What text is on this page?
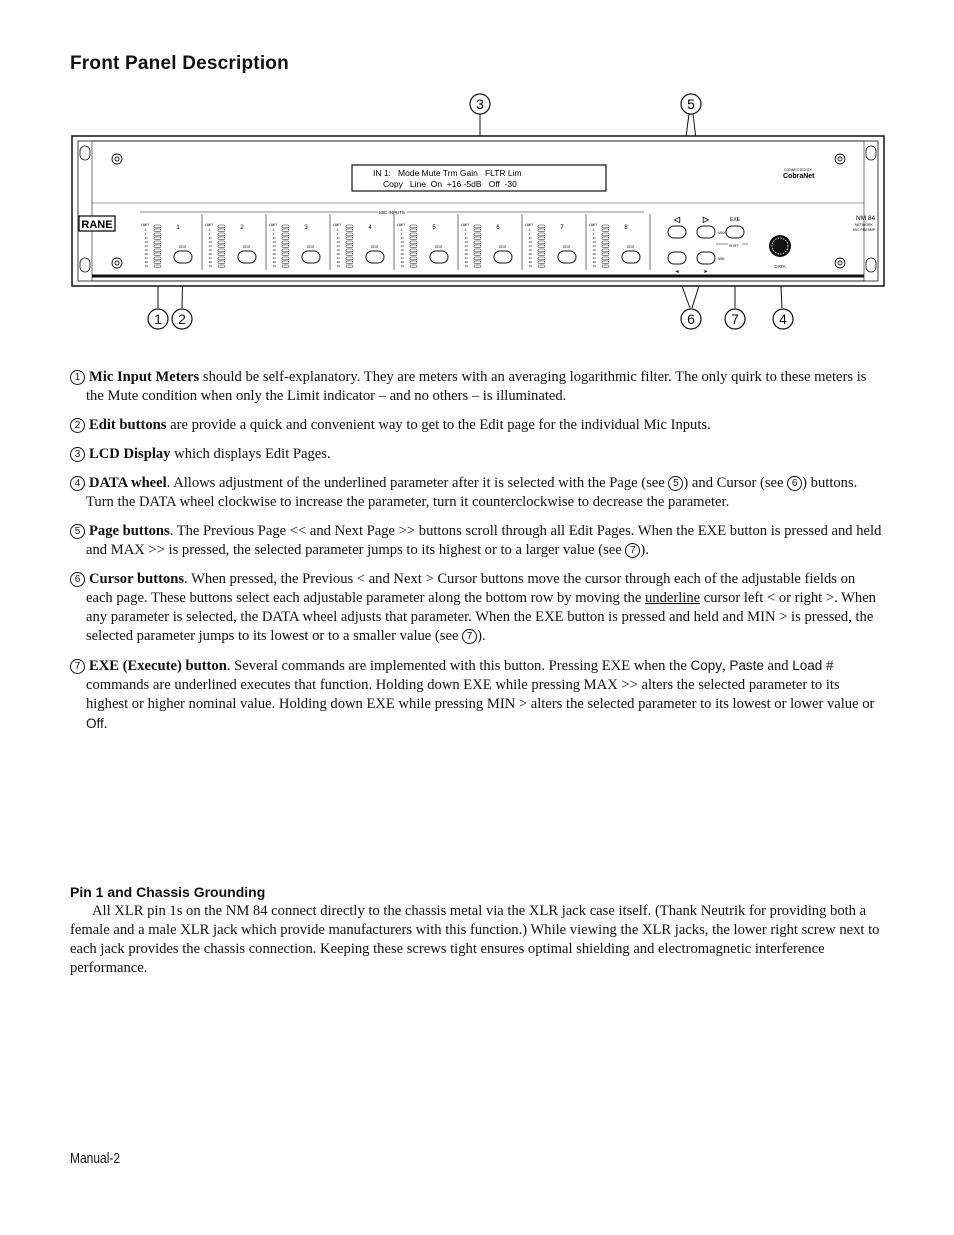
Front Panel Description
3	5
RANE
IN 1:   Mode Mute Trm Gain   FLTR Lim
Copy   Line  On  +16 -5dB   Off  -30
CONNECTED BY
CobraNet
NM 84
NETWORK
MIC PREAMP
MIC INPUTS
LIMIT
-3
-6
-12
-18
-24
-30
-36
-42
-48
-54
1
EDIT
LIMIT
-3
-6
-12
-18
-24
-30
-36
-42
-48
-54
2
EDIT
LIMIT
-3
-6
-12
-18
-24
-30
-36
-42
-48
-54
3
EDIT
LIMIT
-3
-6
-12
-18
-24
-30
-36
-42
-48
-54
4
EDIT
LIMIT
-3
-6
-12
-18
-24
-30
-36
-42
-48
-54
5
EDIT
LIMIT
-3
-6
-12
-18
-24
-30
-36
-42
-48
-54
6
EDIT
LIMIT
-3
-6
-12
-18
-24
-30
-36
-42
-48
-54
7
EDIT
LIMIT
-3
-6
-12
-18
-24
-30
-36
-42
-48
-54
8
EDIT
◁	▷	EXE
◂	▸
MAX
MIN
SHIFT
DATA
1 2	6	7	4

1 Mic Input Meters should be self-explanatory. They are meters with an averaging logarithmic filter. The only quirk to these meters is the Mute condition when only the Limit indicator – and no others – is illuminated.

2 Edit buttons are provide a quick and convenient way to get to the Edit page for the individual Mic Inputs.

3 LCD Display which displays Edit Pages.

4 DATA wheel. Allows adjustment of the underlined parameter after it is selected with the Page (see 5 ) and Cursor (see 6 ) buttons. Turn the DATA wheel clockwise to increase the parameter, turn it counterclockwise to decrease the parameter.

5 Page buttons. The Previous Page << and Next Page >> buttons scroll through all Edit Pages. When the EXE button is pressed and held and MAX >> is pressed, the selected parameter jumps to its highest or to a larger value (see 7 ).

6 Cursor buttons. When pressed, the Previous < and Next > Cursor buttons move the cursor through each of the adjustable fields on each page. These buttons select each adjustable parameter along the bottom row by moving the underline cursor left < or right >. When any parameter is selected, the DATA wheel adjusts that parameter. When the EXE button is pressed and held and MIN > is pressed, the selected parameter jumps to its lowest or to a smaller value (see 7 ).

7 EXE (Execute) button. Several commands are implemented with this button. Pressing EXE when the Copy, Paste and Load # commands are underlined executes that function. Holding down EXE while pressing MAX >> alters the selected parameter to its highest or higher nominal value. Holding down EXE while pressing MIN > alters the selected parameter to its lowest or lower value or Off.

Pin 1 and Chassis Grounding

All XLR pin 1s on the NM 84 connect directly to the chassis metal via the XLR jack case itself. (Thank Neutrik for providing both a female and a male XLR jack which provide manufacturers with this function.) While viewing the XLR jacks, the lower right screw next to each jack provides the chassis connection. Keeping these screws tight ensures optimal shielding and electromagnetic interference performance.

Manual-2
